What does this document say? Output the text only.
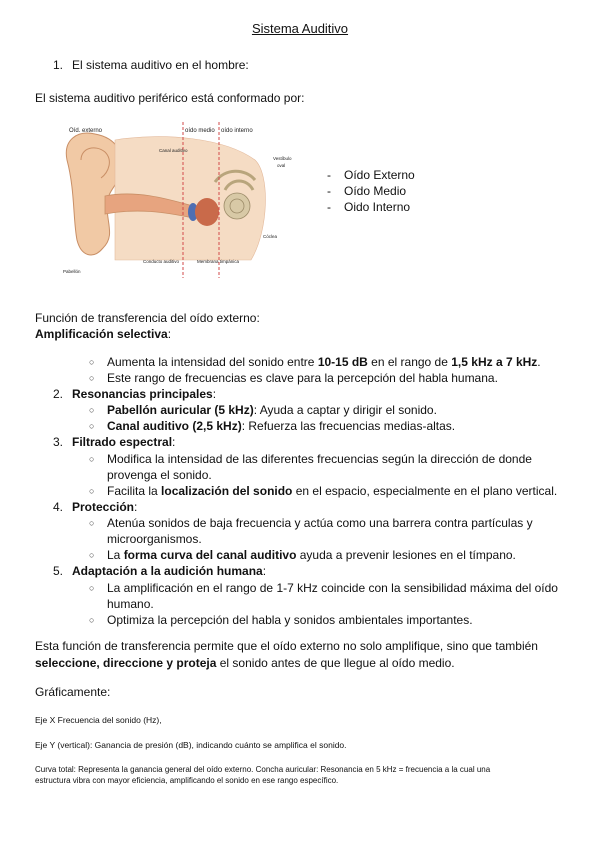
Sistema Auditivo
1. El sistema auditivo en el hombre:
El sistema auditivo periférico está conformado por:
Oíd. externo	oído medio oído interno
Canal auditivo
Vestíbulo
oval
Cóclea
Pabellón
Conducto auditivo	Membrana timpánica
- Oído Externo
- Oído Medio
- Oido Interno
Función de transferencia del oído externo:
Amplificación selectiva:
○ Aumenta la intensidad del sonido entre 10-15 dB en el rango de 1,5 kHz a 7 kHz.
○ Este rango de frecuencias es clave para la percepción del habla humana.
2. Resonancias principales:
○ Pabellón auricular (5 kHz): Ayuda a captar y dirigir el sonido.
○ Canal auditivo (2,5 kHz): Refuerza las frecuencias medias-altas.
3. Filtrado espectral:
○ Modifica la intensidad de las diferentes frecuencias según la dirección de donde
provenga el sonido.
○ Facilita la localización del sonido en el espacio, especialmente en el plano vertical.
4. Protección:
○ Atenúa sonidos de baja frecuencia y actúa como una barrera contra partículas y
microorganismos.
○ La forma curva del canal auditivo ayuda a prevenir lesiones en el tímpano.
5. Adaptación a la audición humana:
○ La amplificación en el rango de 1-7 kHz coincide con la sensibilidad máxima del oído
humano.
○ Optimiza la percepción del habla y sonidos ambientales importantes.
Esta función de transferencia permite que el oído externo no solo amplifique, sino que también
seleccione, direccione y proteja el sonido antes de que llegue al oído medio.
Gráficamente:
Eje X Frecuencia del sonido (Hz),
Eje Y (vertical): Ganancia de presión (dB), indicando cuánto se amplifica el sonido.
Curva total: Representa la ganancia general del oído externo. Concha auricular: Resonancia en 5 kHz = frecuencia a la cual una
estructura vibra con mayor eficiencia, amplificando el sonido en ese rango específico.
